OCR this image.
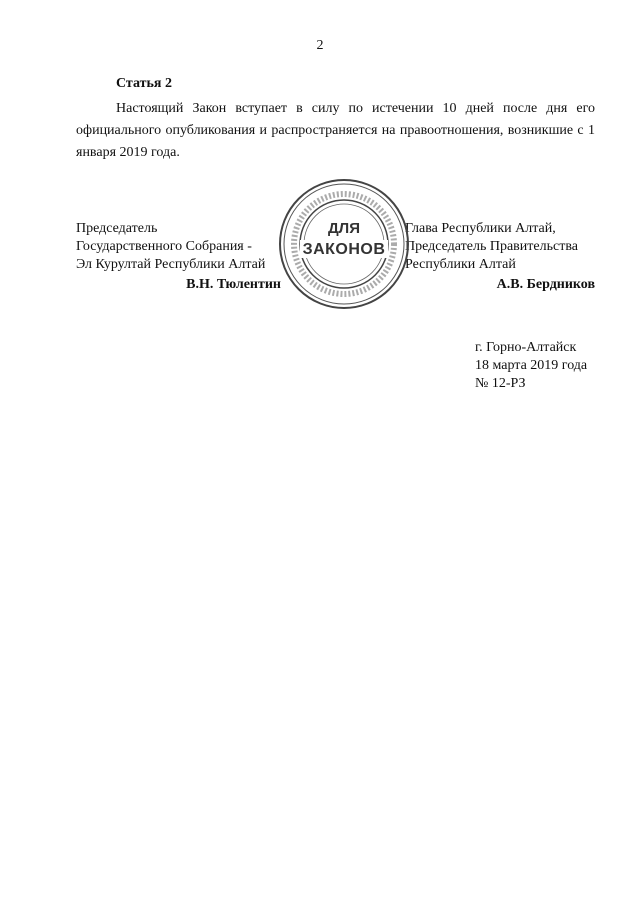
2
Статья 2

Настоящий Закон вступает в силу по истечении 10 дней после дня его официального опубликования и распространяется на правоотношения, возникшие с 1 января 2019 года.

Председатель
Государственного Собрания -
Эл Курултай Республики Алтай
В.Н. Тюлентин
Глава Республики Алтай,
Председатель Правительства
Республики Алтай
А.В. Бердников
ДЛЯ
ЗАКОНОВ
г. Горно-Алтайск
18 марта 2019 года
№ 12-РЗ
